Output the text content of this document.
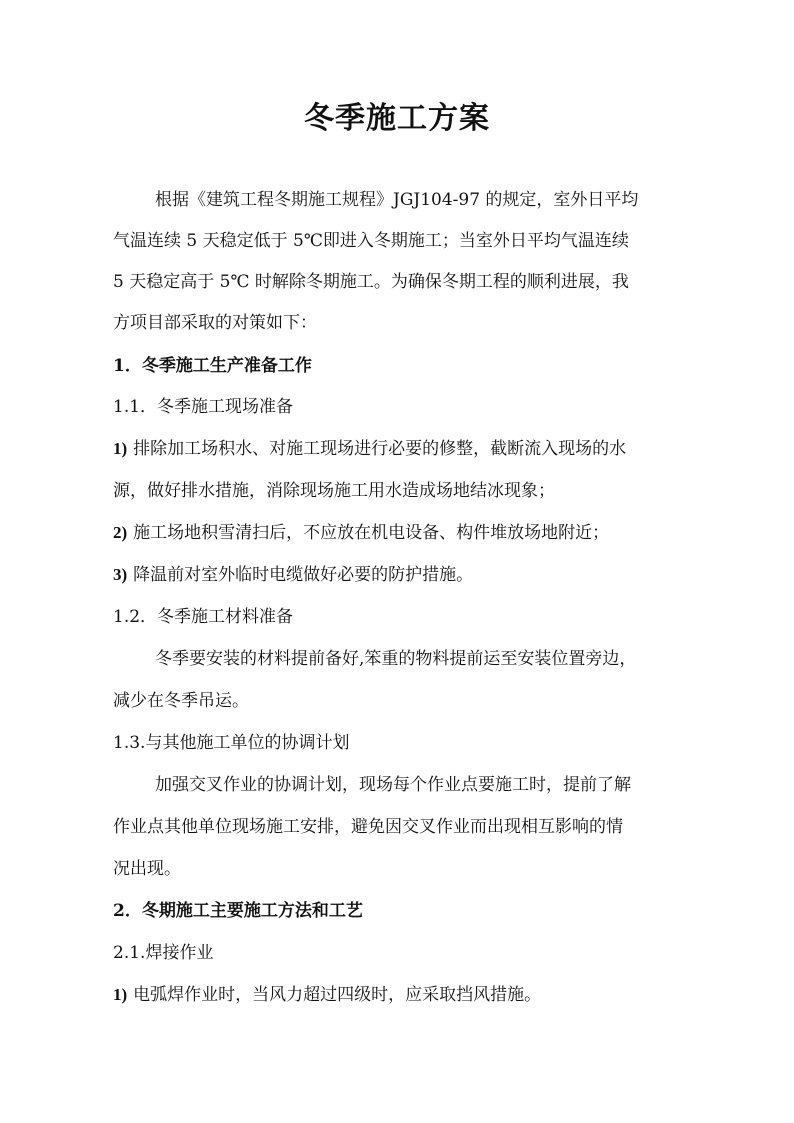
冬季施工方案
根据《建筑工程冬期施工规程》JGJ104-97 的规定，室外日平均
气温连续 5 天稳定低于 5℃即进入冬期施工；当室外日平均气温连续
5 天稳定高于 5℃ 时解除冬期施工。为确保冬期工程的顺利进展，我
方项目部采取的对策如下：
1．冬季施工生产准备工作
1.1．冬季施工现场准备
1) 排除加工场积水、对施工现场进行必要的修整，截断流入现场的水
源，做好排水措施，消除现场施工用水造成场地结冰现象；
2) 施工场地积雪清扫后，不应放在机电设备、构件堆放场地附近；
3) 降温前对室外临时电缆做好必要的防护措施。
1.2．冬季施工材料准备
冬季要安装的材料提前备好,笨重的物料提前运至安装位置旁边，
减少在冬季吊运。
1.3.与其他施工单位的协调计划
加强交叉作业的协调计划，现场每个作业点要施工时，提前了解
作业点其他单位现场施工安排，避免因交叉作业而出现相互影响的情
况出现。
2．冬期施工主要施工方法和工艺
2.1.焊接作业
1) 电弧焊作业时，当风力超过四级时，应采取挡风措施。
